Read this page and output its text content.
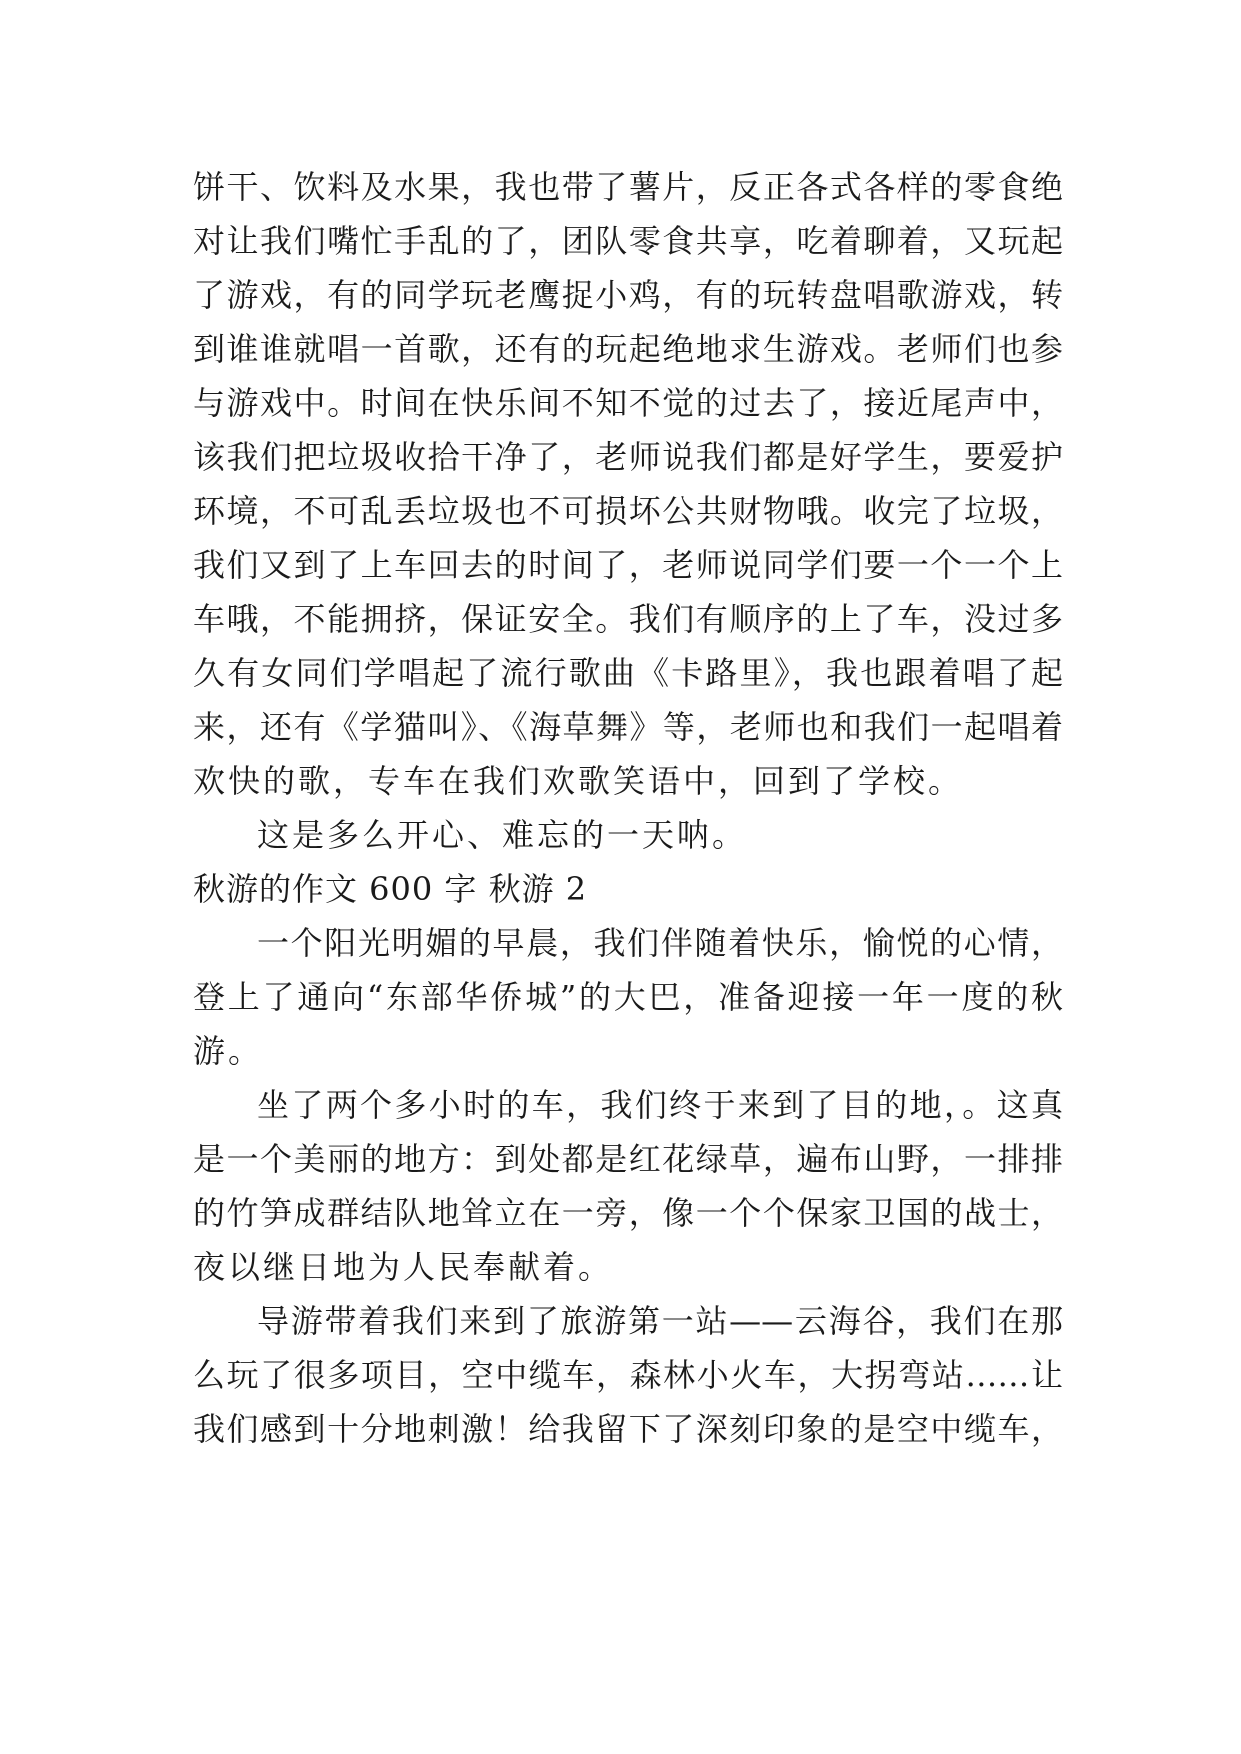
饼干、饮料及水果，我也带了薯片，反正各式各样的零食绝
对让我们嘴忙手乱的了，团队零食共享，吃着聊着，又玩起
了游戏，有的同学玩老鹰捉小鸡，有的玩转盘唱歌游戏，转
到谁谁就唱一首歌，还有的玩起绝地求生游戏。老师们也参
与游戏中。时间在快乐间不知不觉的过去了，接近尾声中，
该我们把垃圾收拾干净了，老师说我们都是好学生，要爱护
环境，不可乱丢垃圾也不可损坏公共财物哦。收完了垃圾，
我们又到了上车回去的时间了，老师说同学们要一个一个上
车哦，不能拥挤，保证安全。我们有顺序的上了车，没过多
久有女同们学唱起了流行歌曲《卡路里》，我也跟着唱了起
来，还有《学猫叫》、《海草舞》等，老师也和我们一起唱着
欢快的歌，专车在我们欢歌笑语中，回到了学校。
这是多么开心、难忘的一天呐。
秋游的作文 600 字 秋游 2
一个阳光明媚的早晨，我们伴随着快乐，愉悦的心情，
登上了通向“东部华侨城”的大巴，准备迎接一年一度的秋
游。
坐了两个多小时的车，我们终于来到了目的地，。这真
是一个美丽的地方：到处都是红花绿草，遍布山野，一排排
的竹笋成群结队地耸立在一旁，像一个个保家卫国的战士，
夜以继日地为人民奉献着。
导游带着我们来到了旅游第一站——云海谷，我们在那
么玩了很多项目，空中缆车，森林小火车，大拐弯站……让
我们感到十分地刺激！给我留下了深刻印象的是空中缆车，
